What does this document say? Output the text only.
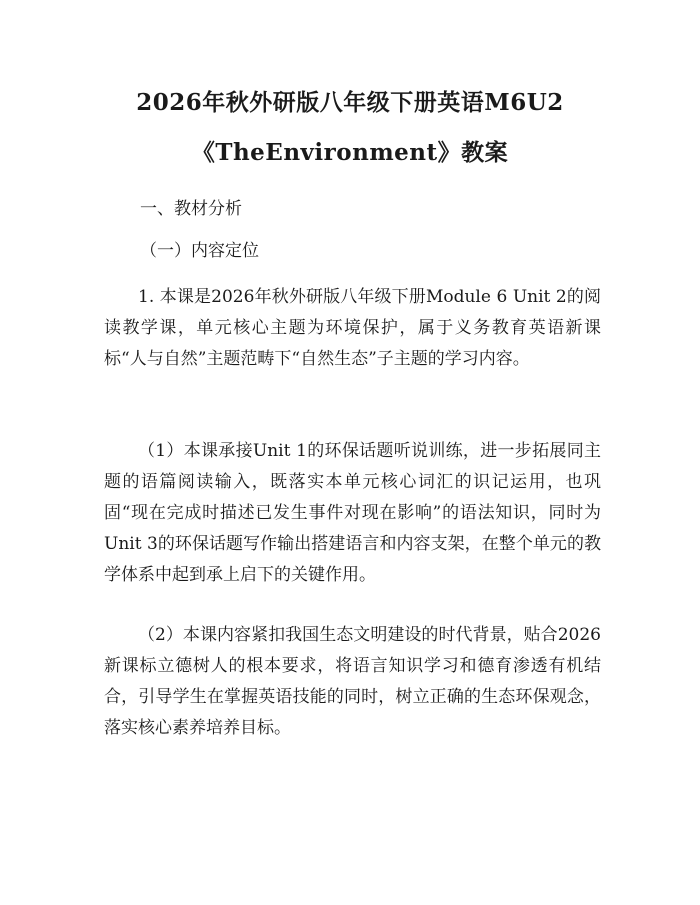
2026年秋外研版八年级下册英语M6U2
《TheEnvironment》教案
一、教材分析
（一）内容定位

1. 本课是2026年秋外研版八年级下册Module 6 Unit 2的阅读教学课，单元核心主题为环境保护，属于义务教育英语新课标“人与自然”主题范畴下“自然生态”子主题的学习内容。

（1）本课承接Unit 1的环保话题听说训练，进一步拓展同主题的语篇阅读输入，既落实本单元核心词汇的识记运用，也巩固“现在完成时描述已发生事件对现在影响”的语法知识，同时为Unit 3的环保话题写作输出搭建语言和内容支架，在整个单元的教学体系中起到承上启下的关键作用。

（2）本课内容紧扣我国生态文明建设的时代背景，贴合2026新课标立德树人的根本要求，将语言知识学习和德育渗透有机结合，引导学生在掌握英语技能的同时，树立正确的生态环保观念，落实核心素养培养目标。
